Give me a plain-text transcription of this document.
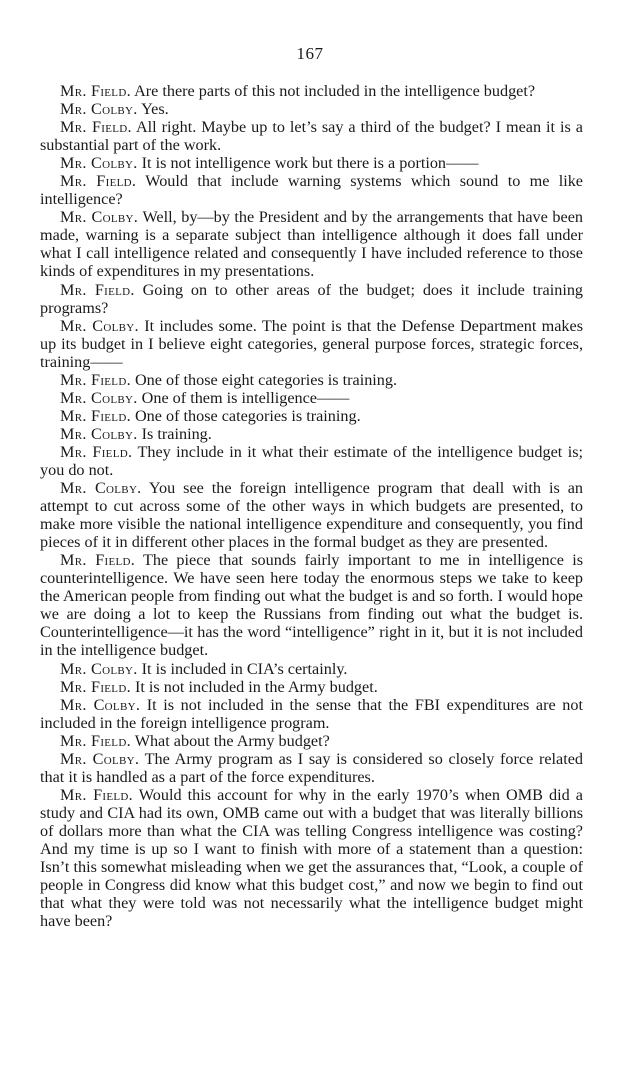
167

Mr. Field. Are there parts of this not included in the intelligence budget?

Mr. Colby. Yes.

Mr. Field. All right. Maybe up to let’s say a third of the budget? I mean it is a substantial part of the work.

Mr. Colby. It is not intelligence work but there is a portion——

Mr. Field. Would that include warning systems which sound to me like intelligence?

Mr. Colby. Well, by—by the President and by the arrangements that have been made, warning is a separate subject than intelligence although it does fall under what I call intelligence related and consequently I have included reference to those kinds of expenditures in my presentations.

Mr. Field. Going on to other areas of the budget; does it include training programs?

Mr. Colby. It includes some. The point is that the Defense Department makes up its budget in I believe eight categories, general purpose forces, strategic forces, training——

Mr. Field. One of those eight categories is training.

Mr. Colby. One of them is intelligence——

Mr. Field. One of those categories is training.

Mr. Colby. Is training.

Mr. Field. They include in it what their estimate of the intelligence budget is; you do not.

Mr. Colby. You see the foreign intelligence program that deall with is an attempt to cut across some of the other ways in which budgets are presented, to make more visible the national intelligence expenditure and consequently, you find pieces of it in different other places in the formal budget as they are presented.

Mr. Field. The piece that sounds fairly important to me in intelligence is counterintelligence. We have seen here today the enormous steps we take to keep the American people from finding out what the budget is and so forth. I would hope we are doing a lot to keep the Russians from finding out what the budget is. Counterintelligence—it has the word “intelligence” right in it, but it is not included in the intelligence budget.

Mr. Colby. It is included in CIA’s certainly.

Mr. Field. It is not included in the Army budget.

Mr. Colby. It is not included in the sense that the FBI expenditures are not included in the foreign intelligence program.

Mr. Field. What about the Army budget?

Mr. Colby. The Army program as I say is considered so closely force related that it is handled as a part of the force expenditures.

Mr. Field. Would this account for why in the early 1970’s when OMB did a study and CIA had its own, OMB came out with a budget that was literally billions of dollars more than what the CIA was telling Congress intelligence was costing? And my time is up so I want to finish with more of a statement than a question: Isn’t this somewhat misleading when we get the assurances that, “Look, a couple of people in Congress did know what this budget cost,” and now we begin to find out that what they were told was not necessarily what the intelligence budget might have been?
